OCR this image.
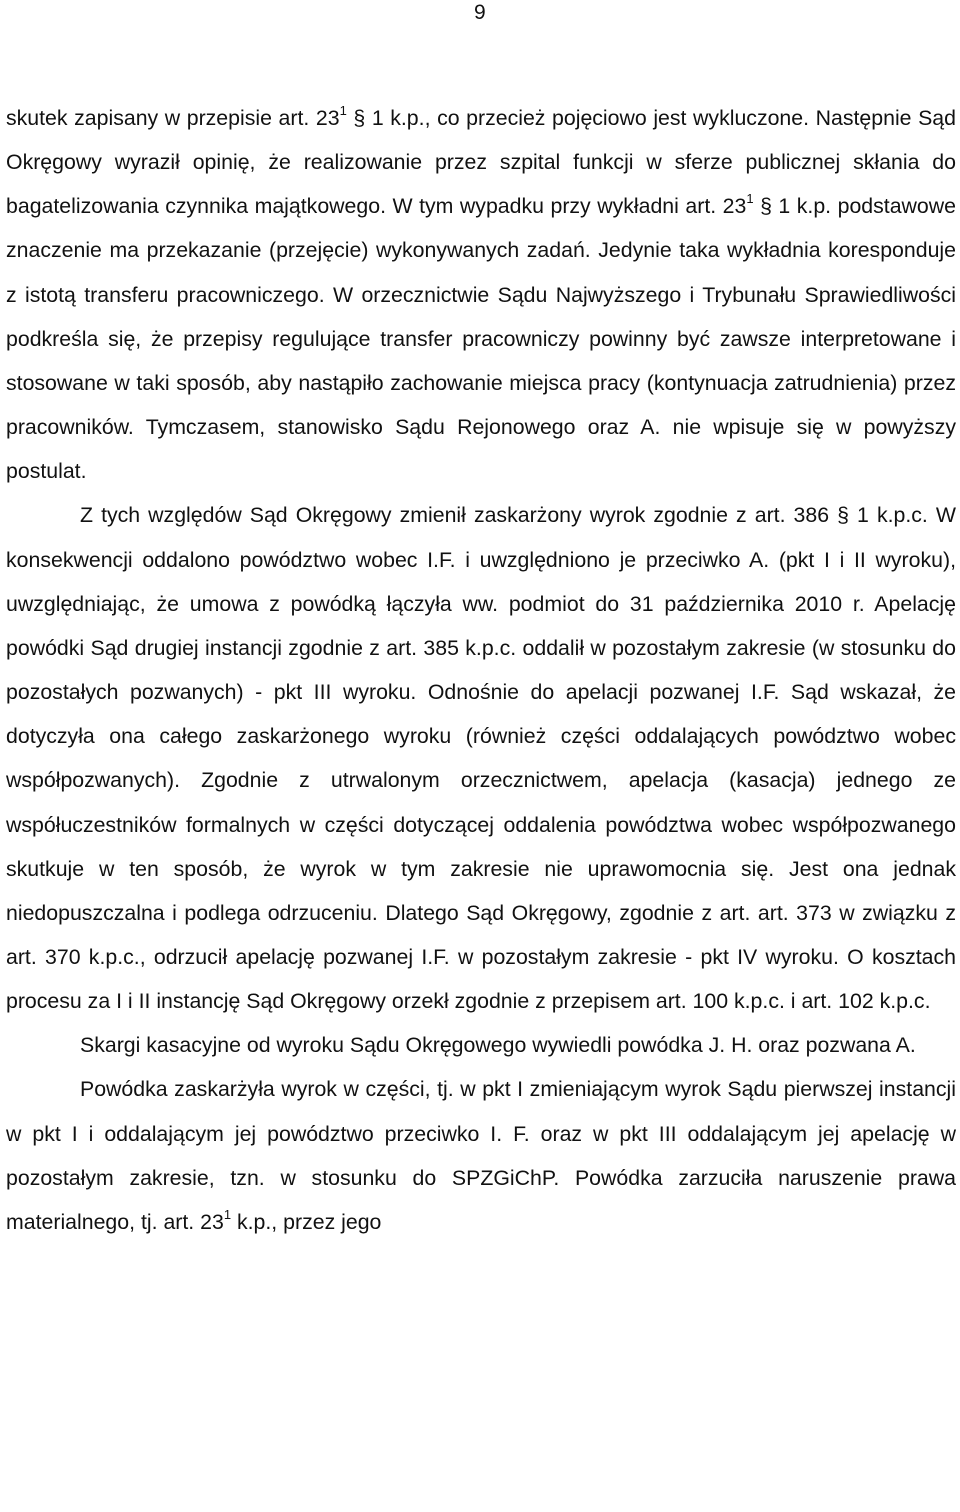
9

skutek zapisany w przepisie art. $23^1$ § 1 k.p., co przecież pojęciowo jest wykluczone. Następnie Sąd Okręgowy wyraził opinię, że realizowanie przez szpital funkcji w sferze publicznej skłania do bagatelizowania czynnika majątkowego. W tym wypadku przy wykładni art. $23^1$ § 1 k.p. podstawowe znaczenie ma przekazanie (przejęcie) wykonywanych zadań. Jedynie taka wykładnia koresponduje z istotą transferu pracowniczego. W orzecznictwie Sądu Najwyższego i Trybunału Sprawiedliwości podkreśla się, że przepisy regulujące transfer pracowniczy powinny być zawsze interpretowane i stosowane w taki sposób, aby nastąpiło zachowanie miejsca pracy (kontynuacja zatrudnienia) przez pracowników. Tymczasem, stanowisko Sądu Rejonowego oraz A. nie wpisuje się w powyższy postulat.

Z tych względów Sąd Okręgowy zmienił zaskarżony wyrok zgodnie z art. 386 § 1 k.p.c. W konsekwencji oddalono powództwo wobec I.F. i uwzględniono je przeciwko A. (pkt I i II wyroku), uwzględniając, że umowa z powódką łączyła ww. podmiot do 31 października 2010 r. Apelację powódki Sąd drugiej instancji zgodnie z art. 385 k.p.c. oddalił w pozostałym zakresie (w stosunku do pozostałych pozwanych) - pkt III wyroku. Odnośnie do apelacji pozwanej I.F. Sąd wskazał, że dotyczyła ona całego zaskarżonego wyroku (również części oddalających powództwo wobec współpozwanych). Zgodnie z utrwalonym orzecznictwem, apelacja (kasacja) jednego ze współuczestników formalnych w części dotyczącej oddalenia powództwa wobec współpozwanego skutkuje w ten sposób, że wyrok w tym zakresie nie uprawomocnia się. Jest ona jednak niedopuszczalna i podlega odrzuceniu. Dlatego Sąd Okręgowy, zgodnie z art. art. 373 w związku z art. 370 k.p.c., odrzucił apelację pozwanej I.F. w pozostałym zakresie - pkt IV wyroku. O kosztach procesu za I i II instancję Sąd Okręgowy orzekł zgodnie z przepisem art. 100 k.p.c. i art. 102 k.p.c.

Skargi kasacyjne od wyroku Sądu Okręgowego wywiedli powódka J. H. oraz pozwana A.

Powódka zaskarżyła wyrok w części, tj. w pkt I zmieniającym wyrok Sądu pierwszej instancji w pkt I i oddalającym jej powództwo przeciwko I. F. oraz w pkt III oddalającym jej apelację w pozostałym zakresie, tzn. w stosunku do SPZGiChP. Powódka zarzuciła naruszenie prawa materialnego, tj. art. $23^1$ k.p., przez jego
